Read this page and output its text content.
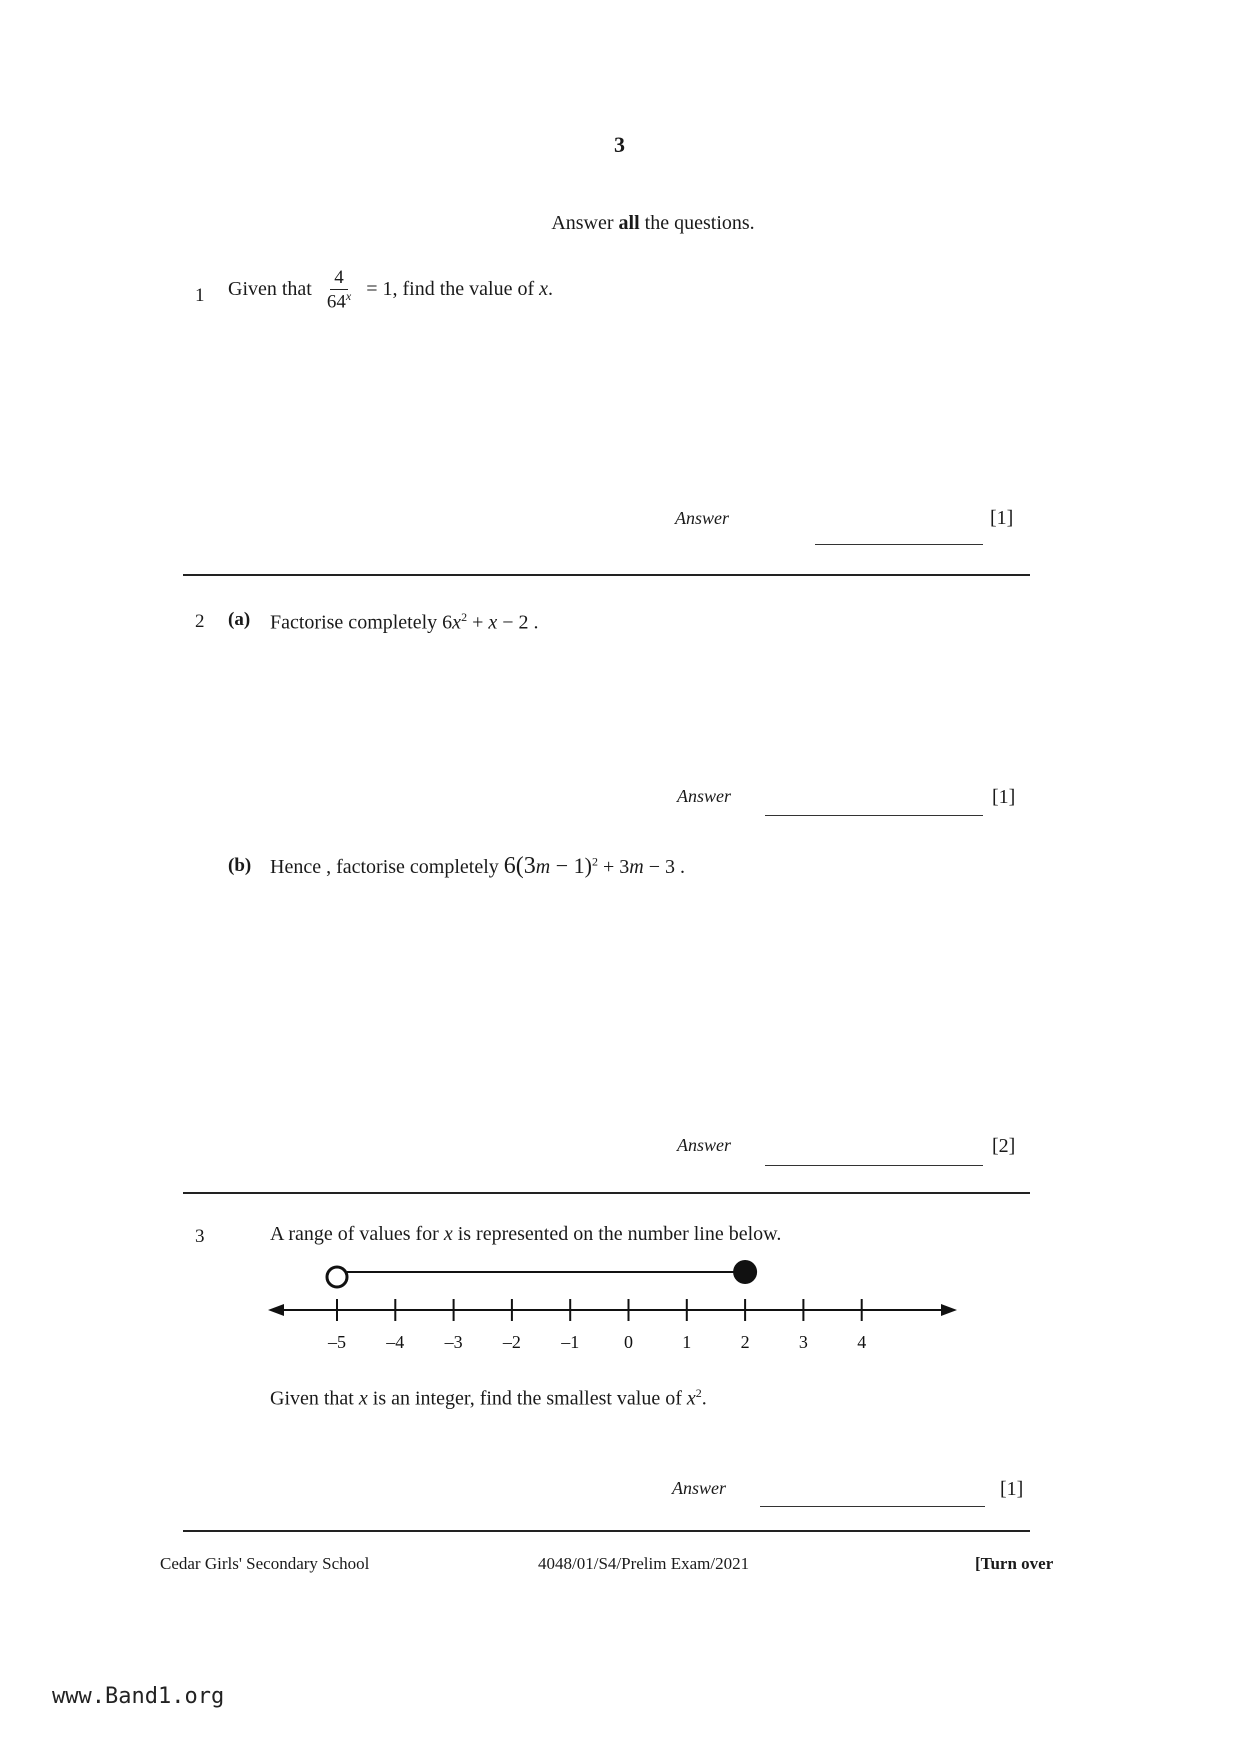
3
Answer all the questions.
1 Given that $\frac{4}{64^x} = 1$, find the value of x.
Answer	[1]
2 (a) Factorise completely $6x^2 + x - 2$ .
Answer	[1]
(b) Hence , factorise completely $6(3m - 1)^2 + 3m - 3$ .
Answer	[2]
3	A range of values for x is represented on the number line below.
–5 –4 –3 –2 –1 0	1	2	3	4
Given that x is an integer, find the smallest value of $x^2$.
Answer	[1]
Cedar Girls' Secondary School	4048/01/S4/Prelim Exam/2021	[Turn over
www.Band1.org
